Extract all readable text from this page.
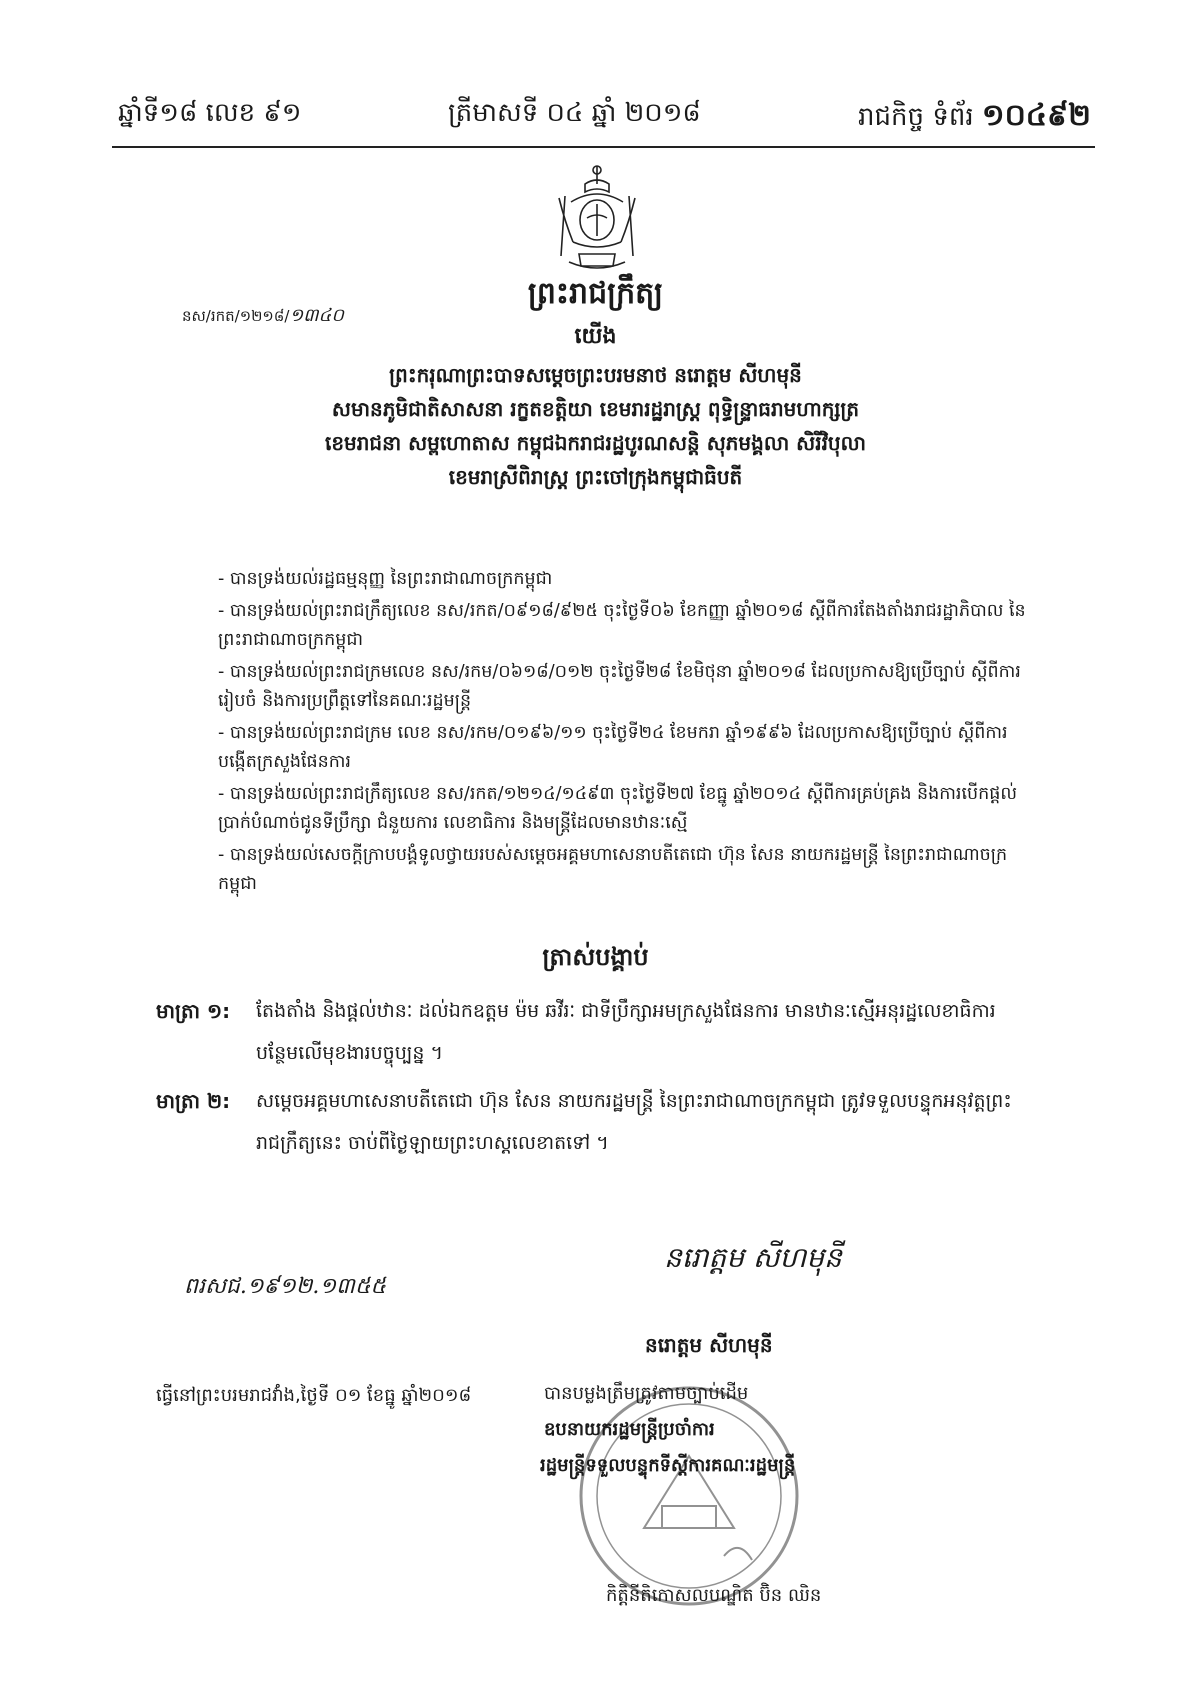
ឆ្នាំទី១៨ លេខ ៩១	ត្រីមាសទី ០៤ ឆ្នាំ ២០១៨	រាជកិច្ច ទំព័រ ១០៤៩២
នស/រកត/១២១៨/១៣៤០
ព្រះរាជក្រឹត្យ
យើង
ព្រះករុណាព្រះបាទសម្តេចព្រះបរមនាថ នរោត្តម សីហមុនី
សមានភូមិជាតិសាសនា រក្ខតខត្តិយា ខេមរារដ្ឋរាស្ត្រ ពុទ្ធិន្ទ្រាធរាមហាក្សត្រ
ខេមរាជនា សម្ពហោតាស កម្ពុជឯករាជរដ្ឋបូរណសន្តិ សុភមង្គលា សិរីវិបុលា
ខេមរាស្រីពិរាស្ត្រ ព្រះចៅក្រុងកម្ពុជាធិបតី
- បានទ្រង់យល់រដ្ឋធម្មនុញ្ញ នៃព្រះរាជាណាចក្រកម្ពុជា
- បានទ្រង់យល់ព្រះរាជក្រឹត្យលេខ នស/រកត/០៩១៨/៩២៥ ចុះថ្ងៃទី០៦ ខែកញ្ញា ឆ្នាំ២០១៨ ស្តីពីការតែងតាំងរាជរដ្ឋាភិបាល នៃព្រះរាជាណាចក្រកម្ពុជា
- បានទ្រង់យល់ព្រះរាជក្រមលេខ នស/រកម/០៦១៨/០១២ ចុះថ្ងៃទី២៨ ខែមិថុនា ឆ្នាំ២០១៨ ដែលប្រកាសឱ្យប្រើច្បាប់ ស្តីពីការរៀបចំ និងការប្រព្រឹត្តទៅនៃគណៈរដ្ឋមន្ត្រី
- បានទ្រង់យល់ព្រះរាជក្រម លេខ នស/រកម/០១៩៦/១១ ចុះថ្ងៃទី២៤ ខែមករា ឆ្នាំ១៩៩៦ ដែលប្រកាសឱ្យប្រើច្បាប់ ស្តីពីការបង្កើតក្រសួងផែនការ
- បានទ្រង់យល់ព្រះរាជក្រឹត្យលេខ នស/រកត/១២១៤/១៤៩៣ ចុះថ្ងៃទី២៧ ខែធ្នូ ឆ្នាំ២០១៤ ស្តីពីការគ្រប់គ្រង និងការបើកផ្តល់ប្រាក់បំណាច់ជូនទីប្រឹក្សា ជំនួយការ លេខាធិការ និងមន្ត្រីដែលមានឋានៈស្មើ
- បានទ្រង់យល់សេចក្តីក្រាបបង្គំទូលថ្វាយរបស់សម្តេចអគ្គមហាសេនាបតីតេជោ ហ៊ុន សែន នាយករដ្ឋមន្ត្រី នៃព្រះរាជាណាចក្រកម្ពុជា
ត្រាស់បង្គាប់
មាត្រា ១: តែងតាំង និងផ្តល់ឋានៈ ដល់ឯកឧត្តម ម៉ម ឆវីរៈ ជាទីប្រឹក្សាអមក្រសួងផែនការ មានឋានៈស្មើអនុរដ្ឋលេខាធិការ បន្ថែមលើមុខងារបច្ចុប្បន្ន ។
មាត្រា ២: សម្តេចអគ្គមហាសេនាបតីតេជោ ហ៊ុន សែន នាយករដ្ឋមន្ត្រី នៃព្រះរាជាណាចក្រកម្ពុជា ត្រូវទទួលបន្ទុកអនុវត្តព្រះរាជក្រឹត្យនេះ ចាប់ពីថ្ងៃឡាយព្រះហស្តលេខាតទៅ ។
ពរសជ.១៩១២.១៣៥៥
ធ្វើនៅព្រះបរមរាជវាំង,ថ្ងៃទី ០១ ខែធ្នូ ឆ្នាំ២០១៨
នរោត្តម សីហមុនី
នរោត្តម សីហមុនី
បានបម្លងត្រឹមត្រូវតាមច្បាប់ដើម
ឧបនាយករដ្ឋមន្ត្រីប្រចាំការ
រដ្ឋមន្ត្រីទទួលបន្ទុកទីស្តីការគណៈរដ្ឋមន្ត្រី
កិត្តិនីតិកោសលបណ្ឌិត ប៊ិន ឈិន
